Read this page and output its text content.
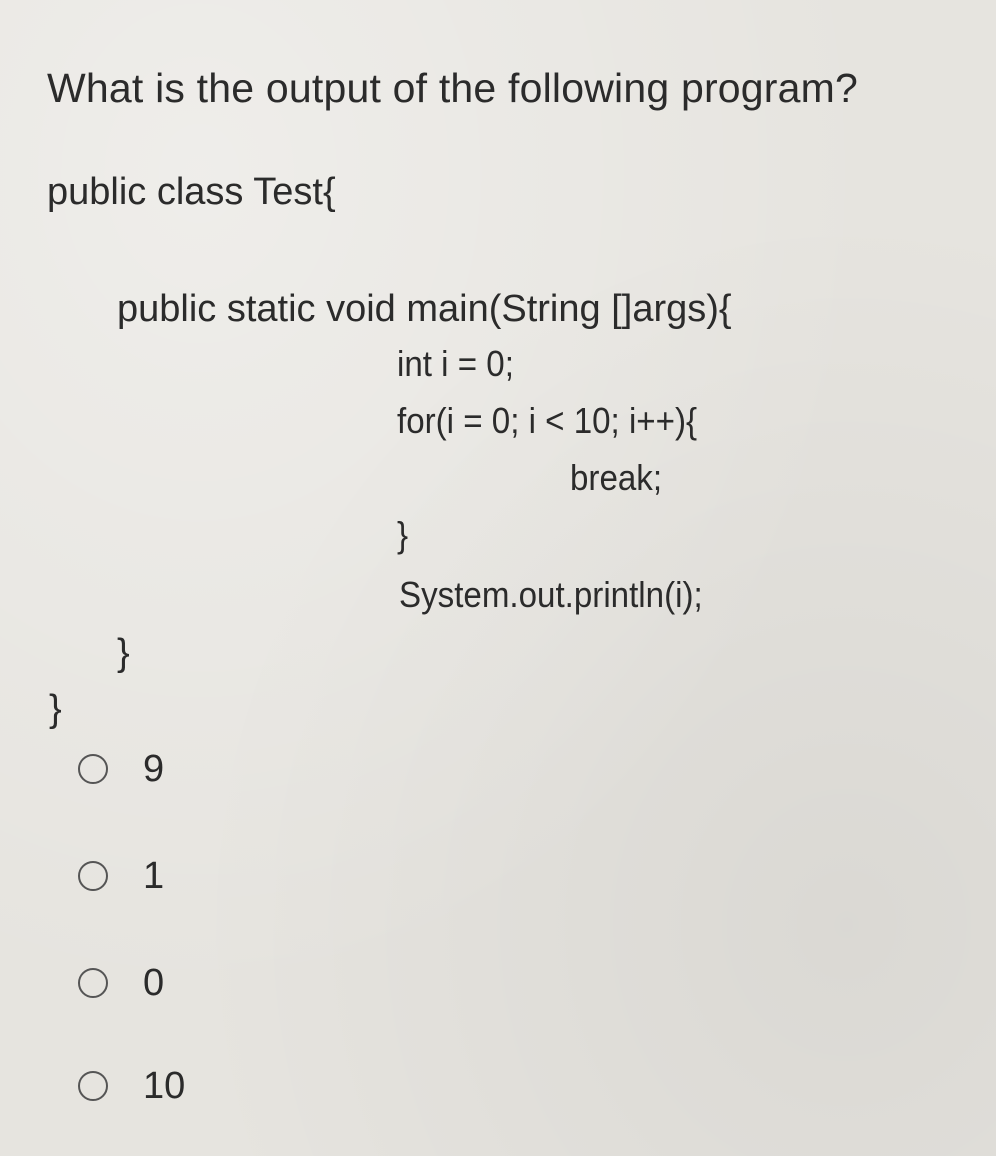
What is the output of the following program?
public class Test{
public static void main(String []args){
int i = 0;
for(i = 0; i < 10; i++){
break;
}
System.out.println(i);
}
}
9
1
0
10
